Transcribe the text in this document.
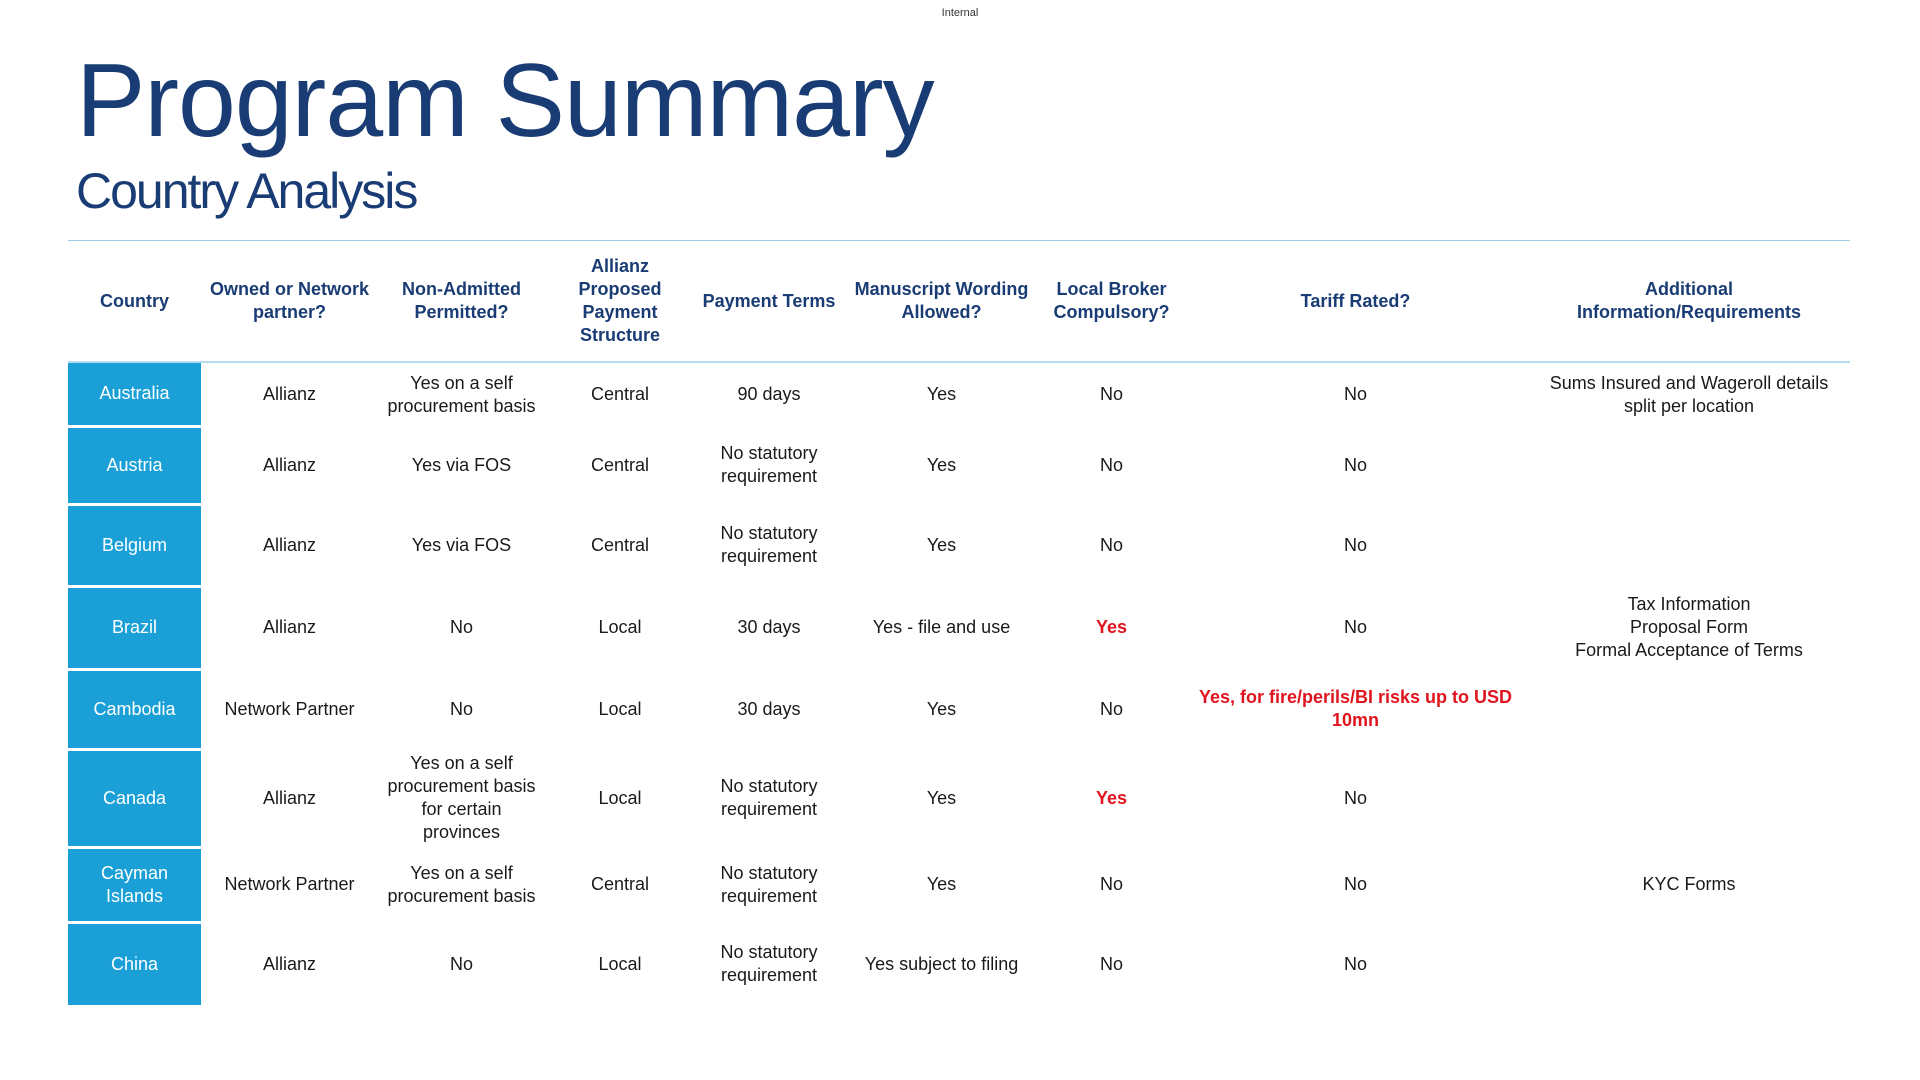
Internal
Program Summary
Country Analysis
Country	Owned or Network partner?	Non-Admitted Permitted?	Allianz Proposed Payment Structure	Payment Terms	Manuscript Wording Allowed?	Local Broker Compulsory?	Tariff Rated?	Additional Information/Requirements
Australia	Allianz	Yes on a self procurement basis	Central	90 days	Yes	No	No	Sums Insured and Wageroll details split per location
Austria	Allianz	Yes via FOS	Central	No statutory requirement	Yes	No	No	
Belgium	Allianz	Yes via FOS	Central	No statutory requirement	Yes	No	No	
Brazil	Allianz	No	Local	30 days	Yes - file and use	Yes	No	Tax Information
Proposal Form
Formal Acceptance of Terms
Cambodia	Network Partner	No	Local	30 days	Yes	No	Yes, for fire/perils/BI risks up to USD 10mn	
Canada	Allianz	Yes on a self procurement basis for certain provinces	Local	No statutory requirement	Yes	Yes	No	
Cayman Islands	Network Partner	Yes on a self procurement basis	Central	No statutory requirement	Yes	No	No	KYC Forms
China	Allianz	No	Local	No statutory requirement	Yes subject to filing	No	No	
